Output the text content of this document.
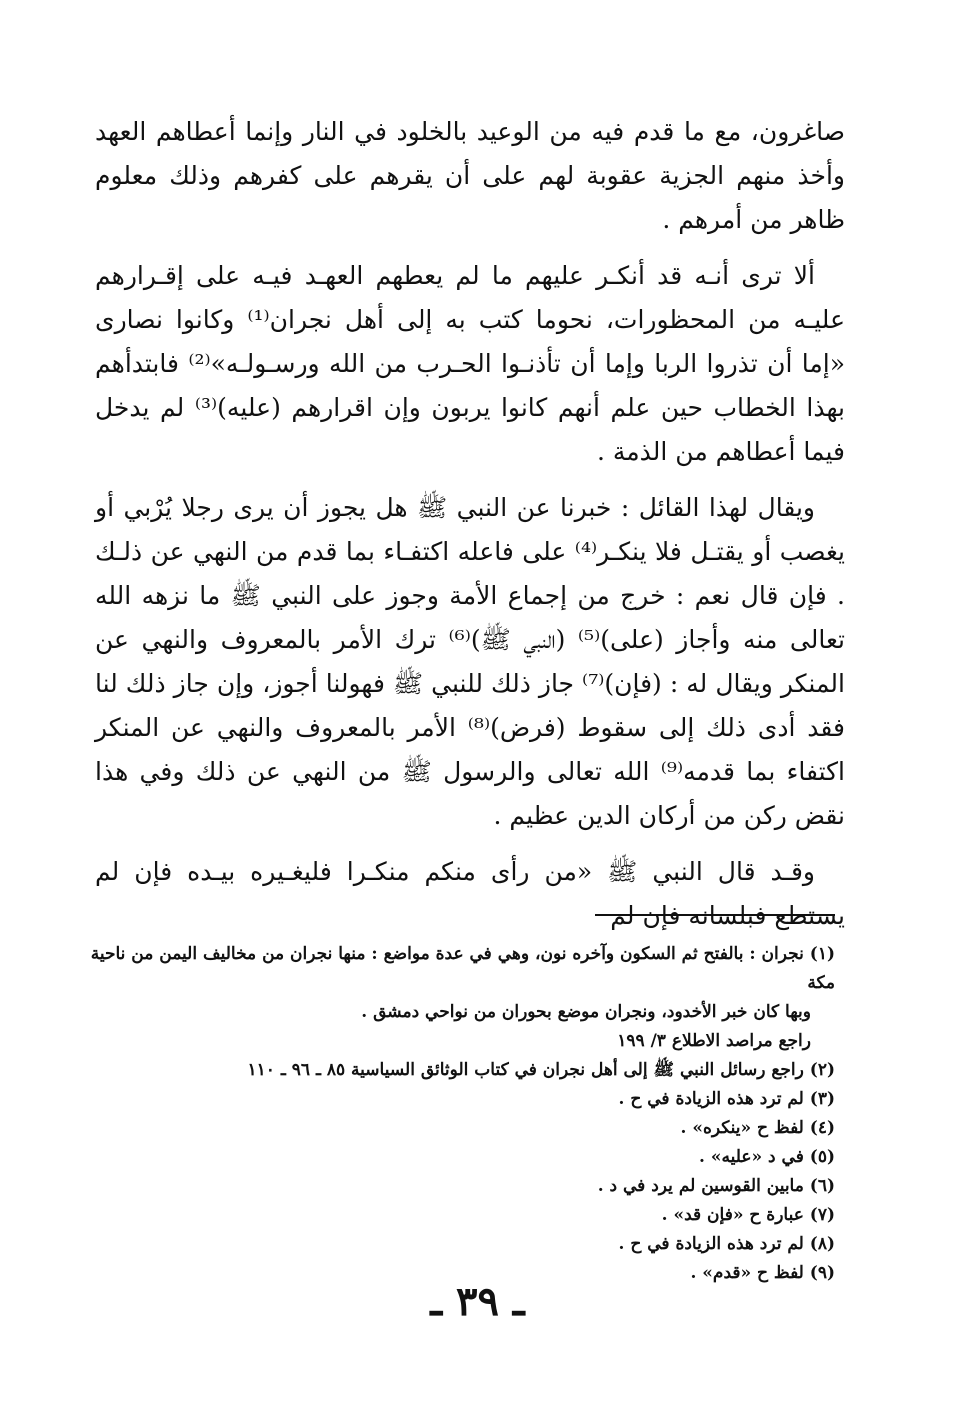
صاغرون، مع ما قدم فيه من الوعيد بالخلود في النار وإنما أعطاهم العهد وأخذ منهم الجزية عقوبة لهم على أن يقرهم على كفرهم وذلك معلوم ظاهر من أمرهم .

ألا ترى أنـه قد أنكـر عليهم ما لم يعطهم العهـد فيـه على إقـرارهم عليـه من المحظورات، نحوما كتب به إلى أهل نجران⁽¹⁾ وكانوا نصارى «إما أن تذروا الربا وإما أن تأذنـوا الحـرب من الله ورسـولـه»⁽²⁾ فابتدأهم بهذا الخطاب حين علم أنهم كانوا يربون وإن اقرارهم (عليه)⁽³⁾ لم يدخل فيما أعطاهم من الذمة .

ويقال لهذا القائل : خبرنا عن النبي ﷺ هل يجوز أن يرى رجلا يُرْبي أو يغصب أو يقتـل فلا ينكـر⁽⁴⁾ على فاعله اكتفـاء بما قدم من النهي عن ذلـك . فإن قال نعم : خرج من إجماع الأمة وجوز على النبي ﷺ ما نزهه الله تعالى منه وأجاز (على)⁽⁵⁾ (النبي ﷺ)⁽⁶⁾ ترك الأمر بالمعروف والنهي عن المنكر ويقال له : (فإن)⁽⁷⁾ جاز ذلك للنبي ﷺ فهولنا أجوز، وإن جاز ذلك لنا فقد أدى ذلك إلى سقوط (فرض)⁽⁸⁾ الأمر بالمعروف والنهي عن المنكر اكتفاء بما قدمه⁽⁹⁾ الله تعالى والرسول ﷺ من النهي عن ذلك وفي هذا نقض ركن من أركان الدين عظيم .

وقـد قال النبي ﷺ «من رأى منكم منكـرا فليغـيره بيـده فإن لم يستطع فبلسانه فإن لم

(١) نجران : بالفتح ثم السكون وآخره نون، وهي في عدة مواضع : منها نجران من مخاليف اليمن من ناحية مكة

وبها كان خبر الأخدود، ونجران موضع بحوران من نواحي دمشق .

راجع مراصد الاطلاع ٣/ ١٩٩

(٢) راجع رسائل النبي ﷺ إلى أهل نجران في كتاب الوثائق السياسية ٨٥ ـ ٩٦ ـ ١١٠

(٣) لم ترد هذه الزيادة في ح .

(٤) لفظ ح «ينكره» .

(٥) في د «عليه» .

(٦) مابين القوسين لم يرد في د .

(٧) عبارة ح «فإن قد» .

(٨) لم ترد هذه الزيادة في ح .

(٩) لفظ ح «قدم» .

ـ ٣٩ ـ
